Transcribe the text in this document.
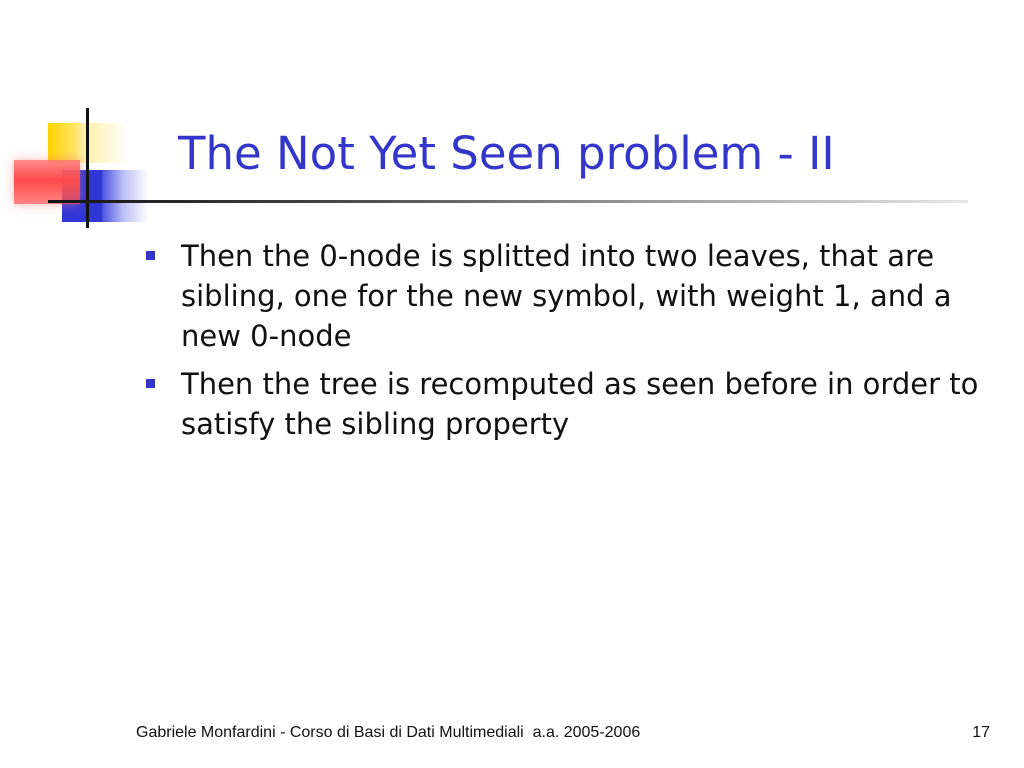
The Not Yet Seen problem - II
Then the 0-node is splitted into two leaves, that are sibling, one for the new symbol, with weight 1, and a new 0-node
Then the tree is recomputed as seen before in order to satisfy the sibling property
Gabriele Monfardini - Corso di Basi di Dati Multimediali  a.a. 2005-2006	17
